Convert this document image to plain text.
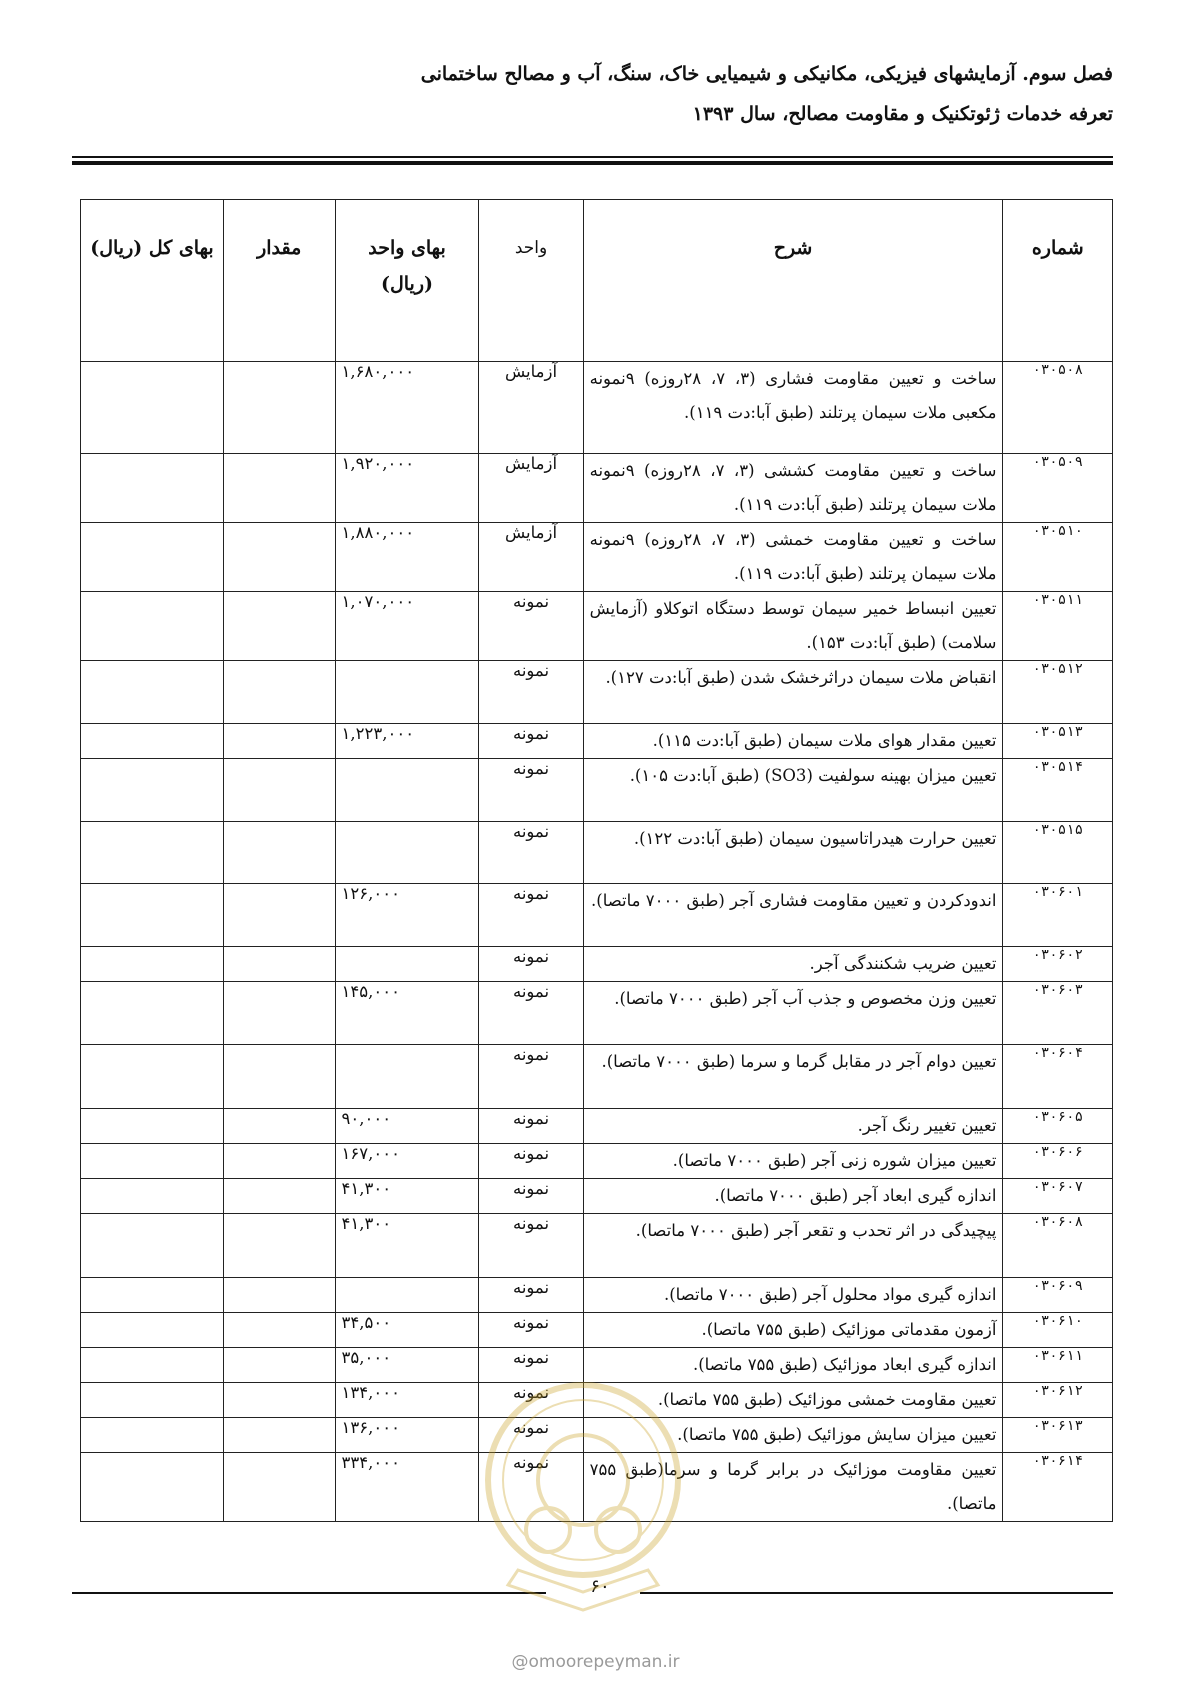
فصل سوم. آزمایشهای فیزیکی، مکانیکی و شیمیایی خاک، سنگ، آب و مصالح ساختمانی
تعرفه خدمات ژئوتکنیک و مقاومت مصالح، سال ۱۳۹۳
شماره	شرح	واحد	بهای واحد (ریال)	مقدار	بهای کل (ریال)
۰۳۰۵۰۸	ساخت و تعیین مقاومت فشاری (۳، ۷، ۲۸روزه) ۹نمونه مکعبی ملات سیمان پرتلند (طبق آبا:دت ۱۱۹).	آزمایش	۱,۶۸۰,۰۰۰		
۰۳۰۵۰۹	ساخت و تعیین مقاومت کششی (۳، ۷، ۲۸روزه) ۹نمونه ملات سیمان پرتلند (طبق آبا:دت ۱۱۹).	آزمایش	۱,۹۲۰,۰۰۰		
۰۳۰۵۱۰	ساخت و تعیین مقاومت خمشی (۳، ۷، ۲۸روزه) ۹نمونه ملات سیمان پرتلند (طبق آبا:دت ۱۱۹).	آزمایش	۱,۸۸۰,۰۰۰		
۰۳۰۵۱۱	تعیین انبساط خمیر سیمان توسط دستگاه اتوکلاو (آزمایش سلامت) (طبق آبا:دت ۱۵۳).	نمونه	۱,۰۷۰,۰۰۰		
۰۳۰۵۱۲	انقباض ملات سیمان دراثرخشک شدن (طبق آبا:دت ۱۲۷).	نمونه			
۰۳۰۵۱۳	تعیین مقدار هوای ملات سیمان (طبق آبا:دت ۱۱۵).	نمونه	۱,۲۲۳,۰۰۰		
۰۳۰۵۱۴	تعیین میزان بهینه سولفیت (SO3) (طبق آبا:دت ۱۰۵).	نمونه			
۰۳۰۵۱۵	تعیین حرارت هیدراتاسیون سیمان (طبق آبا:دت ۱۲۲).	نمونه			
۰۳۰۶۰۱	اندودکردن و تعیین مقاومت فشاری آجر (طبق ۷۰۰۰ ماتصا).	نمونه	۱۲۶,۰۰۰		
۰۳۰۶۰۲	تعیین ضریب شکنندگی آجر.	نمونه			
۰۳۰۶۰۳	تعیین وزن مخصوص و جذب آب آجر (طبق ۷۰۰۰ ماتصا).	نمونه	۱۴۵,۰۰۰		
۰۳۰۶۰۴	تعیین دوام آجر در مقابل گرما و سرما (طبق ۷۰۰۰ ماتصا).	نمونه			
۰۳۰۶۰۵	تعیین تغییر رنگ آجر.	نمونه	۹۰,۰۰۰		
۰۳۰۶۰۶	تعیین میزان شوره زنی آجر (طبق ۷۰۰۰ ماتصا).	نمونه	۱۶۷,۰۰۰		
۰۳۰۶۰۷	اندازه گیری ابعاد آجر (طبق ۷۰۰۰ ماتصا).	نمونه	۴۱,۳۰۰		
۰۳۰۶۰۸	پیچیدگی در اثر تحدب و تقعر آجر (طبق ۷۰۰۰ ماتصا).	نمونه	۴۱,۳۰۰		
۰۳۰۶۰۹	اندازه گیری مواد محلول آجر (طبق ۷۰۰۰ ماتصا).	نمونه			
۰۳۰۶۱۰	آزمون مقدماتی موزائیک (طبق ۷۵۵ ماتصا).	نمونه	۳۴,۵۰۰		
۰۳۰۶۱۱	اندازه گیری ابعاد موزائیک (طبق ۷۵۵ ماتصا).	نمونه	۳۵,۰۰۰		
۰۳۰۶۱۲	تعیین مقاومت خمشی موزائیک (طبق ۷۵۵ ماتصا).	نمونه	۱۳۴,۰۰۰		
۰۳۰۶۱۳	تعیین میزان سایش موزائیک (طبق ۷۵۵ ماتصا).	نمونه	۱۳۶,۰۰۰		
۰۳۰۶۱۴	تعیین مقاومت موزائیک در برابر گرما و سرما(طبق ۷۵۵ ماتصا).	نمونه	۳۳۴,۰۰۰		
۶۰
@omoorepeyman.ir
